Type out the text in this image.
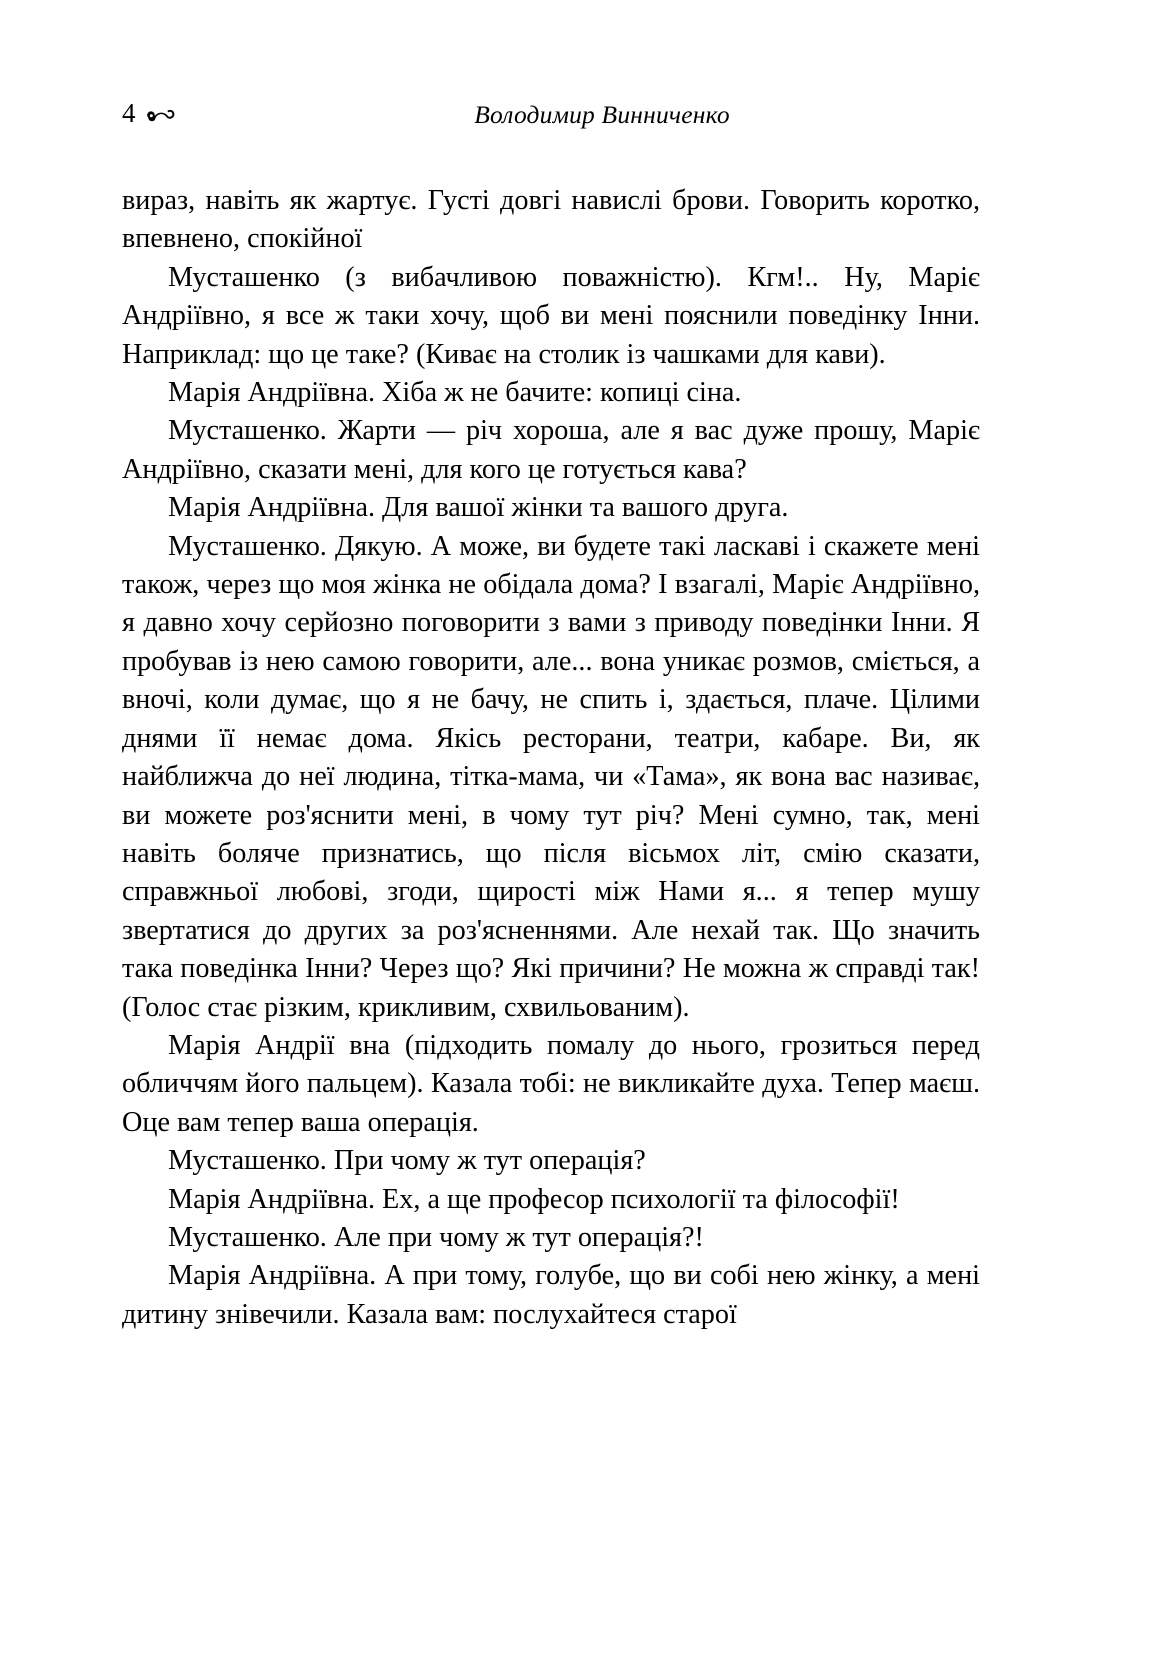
4	Володимир Винниченко

вираз, навіть як жартує. Густі довгі навислі брови. Говорить коротко, впевнено, спокійної

Мусташенко (з вибачливою поважністю). Кгм!.. Ну, Маріє Андріївно, я все ж таки хочу, щоб ви мені пояснили поведінку Інни. Наприклад: що це таке? (Киває на столик із чашками для кави).

Марія Андріївна. Хіба ж не бачите: копиці сіна.

Мусташенко. Жарти — річ хороша, але я вас дуже прошу, Маріє Андріївно, сказати мені, для кого це готується кава?

Марія Андріївна. Для вашої жінки та вашого друга.

Мусташенко. Дякую. А може, ви будете такі ласкаві і скажете мені також, через що моя жінка не обідала дома? І взагалі, Маріє Андріївно, я давно хочу серйозно поговорити з вами з приводу поведінки Інни. Я пробував із нею самою говорити, але... вона уникає розмов, сміється, а вночі, коли думає, що я не бачу, не спить і, здається, плаче. Цілими днями її немає дома. Якісь ресторани, театри, кабаре. Ви, як найближча до неї людина, тітка-мама, чи «Тама», як вона вас називає, ви можете роз'яснити мені, в чому тут річ? Мені сумно, так, мені навіть боляче признатись, що після вісьмох літ, смію сказати, справжньої любові, згоди, щирості між Нами я... я тепер мушу звертатися до других за роз'ясненнями. Але нехай так. Що значить така поведінка Інни? Через що? Які причини? Не можна ж справді так! (Голос стає різким, крикливим, схвильованим).

Марія Андрії вна (підходить помалу до нього, грозиться перед обличчям його пальцем). Казала тобі: не викликайте духа. Тепер маєш. Оце вам тепер ваша операція.

Мусташенко. При чому ж тут операція?

Марія Андріївна. Ех, а ще професор психології та філософії!

Мусташенко. Але при чому ж тут операція?!

Марія Андріївна. А при тому, голубе, що ви собі нею жінку, а мені дитину знівечили. Казала вам: послухайтеся старої
